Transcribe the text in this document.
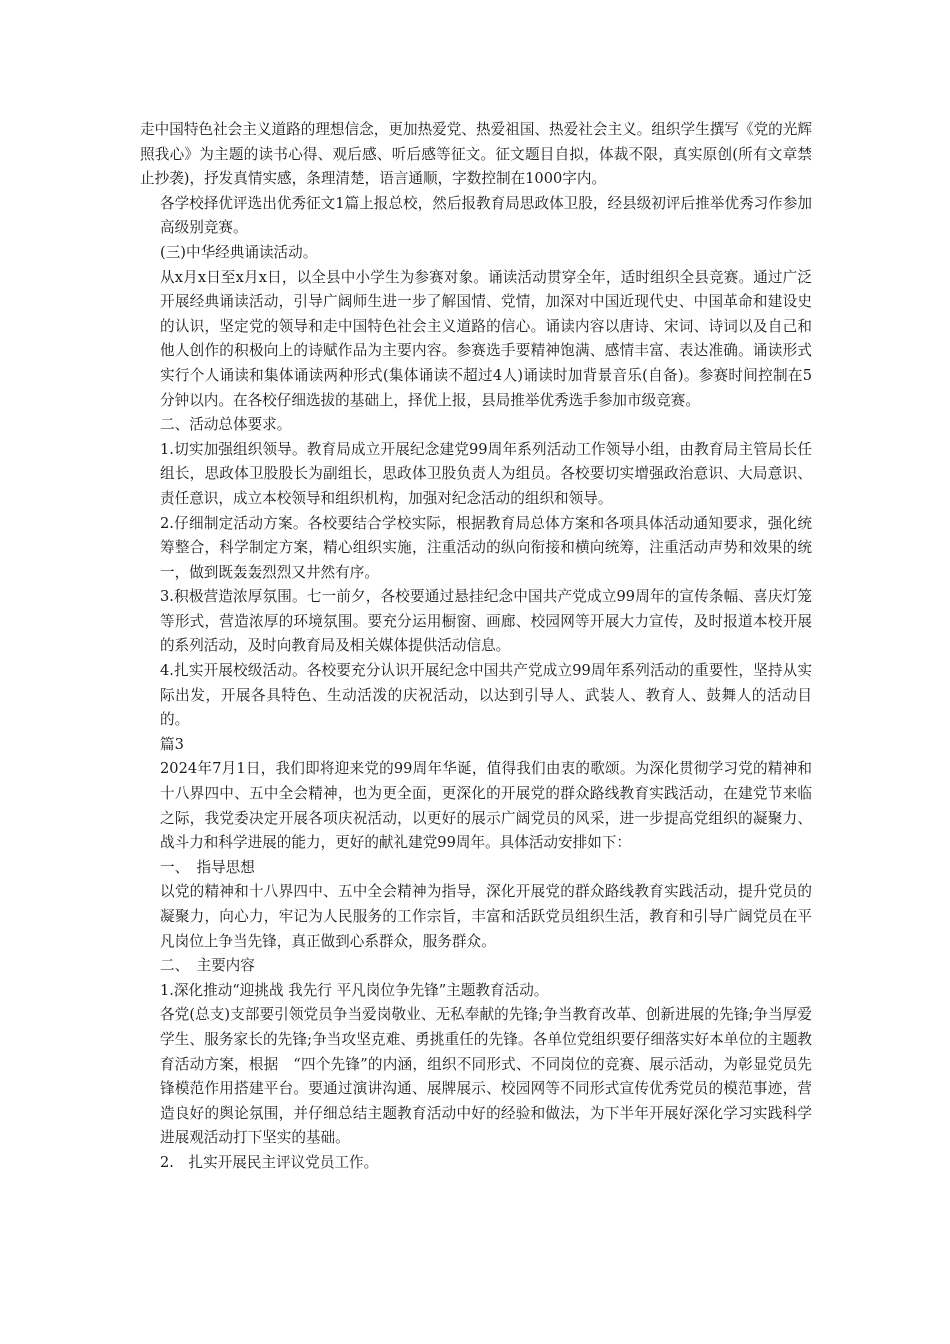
走中国特色社会主义道路的理想信念，更加热爱党、热爱祖国、热爱社会主义。组织学生撰写《党的光辉照我心》为主题的读书心得、观后感、听后感等征文。征文题目自拟，体裁不限，真实原创(所有文章禁止抄袭)，抒发真情实感，条理清楚，语言通顺，字数控制在1000字内。

各学校择优评选出优秀征文1篇上报总校，然后报教育局思政体卫股，经县级初评后推举优秀习作参加高级别竞赛。

(三)中华经典诵读活动。

从x月x日至x月x日，以全县中小学生为参赛对象。诵读活动贯穿全年，适时组织全县竞赛。通过广泛开展经典诵读活动，引导广阔师生进一步了解国情、党情，加深对中国近现代史、中国革命和建设史的认识，坚定党的领导和走中国特色社会主义道路的信心。诵读内容以唐诗、宋词、诗词以及自己和他人创作的积极向上的诗赋作品为主要内容。参赛选手要精神饱满、感情丰富、表达准确。诵读形式实行个人诵读和集体诵读两种形式(集体诵读不超过4人)诵读时加背景音乐(自备)。参赛时间控制在5分钟以内。在各校仔细选拔的基础上，择优上报，县局推举优秀选手参加市级竞赛。

二、活动总体要求。

1.切实加强组织领导。教育局成立开展纪念建党99周年系列活动工作领导小组，由教育局主管局长任组长，思政体卫股股长为副组长，思政体卫股负责人为组员。各校要切实增强政治意识、大局意识、责任意识，成立本校领导和组织机构，加强对纪念活动的组织和领导。

2.仔细制定活动方案。各校要结合学校实际，根据教育局总体方案和各项具体活动通知要求，强化统筹整合，科学制定方案，精心组织实施，注重活动的纵向衔接和横向统筹，注重活动声势和效果的统一，做到既轰轰烈烈又井然有序。

3.积极营造浓厚氛围。七一前夕，各校要通过悬挂纪念中国共产党成立99周年的宣传条幅、喜庆灯笼等形式，营造浓厚的环境氛围。要充分运用橱窗、画廊、校园网等开展大力宣传，及时报道本校开展的系列活动，及时向教育局及相关媒体提供活动信息。

4.扎实开展校级活动。各校要充分认识开展纪念中国共产党成立99周年系列活动的重要性，坚持从实际出发，开展各具特色、生动活泼的庆祝活动，以达到引导人、武装人、教育人、鼓舞人的活动目的。

篇3

2024年7月1日，我们即将迎来党的99周年华诞，值得我们由衷的歌颂。为深化贯彻学习党的精神和十八界四中、五中全会精神，也为更全面，更深化的开展党的群众路线教育实践活动，在建党节来临之际，我党委决定开展各项庆祝活动，以更好的展示广阔党员的风采，进一步提高党组织的凝聚力、战斗力和科学进展的能力，更好的献礼建党99周年。具体活动安排如下：

一、　指导思想

以党的精神和十八界四中、五中全会精神为指导，深化开展党的群众路线教育实践活动，提升党员的凝聚力，向心力，牢记为人民服务的工作宗旨，丰富和活跃党员组织生活，教育和引导广阔党员在平凡岗位上争当先锋，真正做到心系群众，服务群众。

二、　主要内容

1.深化推动“迎挑战 我先行 平凡岗位争先锋”主题教育活动。

各党(总支)支部要引领党员争当爱岗敬业、无私奉献的先锋;争当教育改革、创新进展的先锋;争当厚爱学生、服务家长的先锋;争当攻坚克难、勇挑重任的先锋。各单位党组织要仔细落实好本单位的主题教育活动方案，根据　“四个先锋”的内涵，组织不同形式、不同岗位的竞赛、展示活动，为彰显党员先锋模范作用搭建平台。要通过演讲沟通、展牌展示、校园网等不同形式宣传优秀党员的模范事迹，营造良好的舆论氛围，并仔细总结主题教育活动中好的经验和做法，为下半年开展好深化学习实践科学进展观活动打下坚实的基础。

2.　扎实开展民主评议党员工作。
